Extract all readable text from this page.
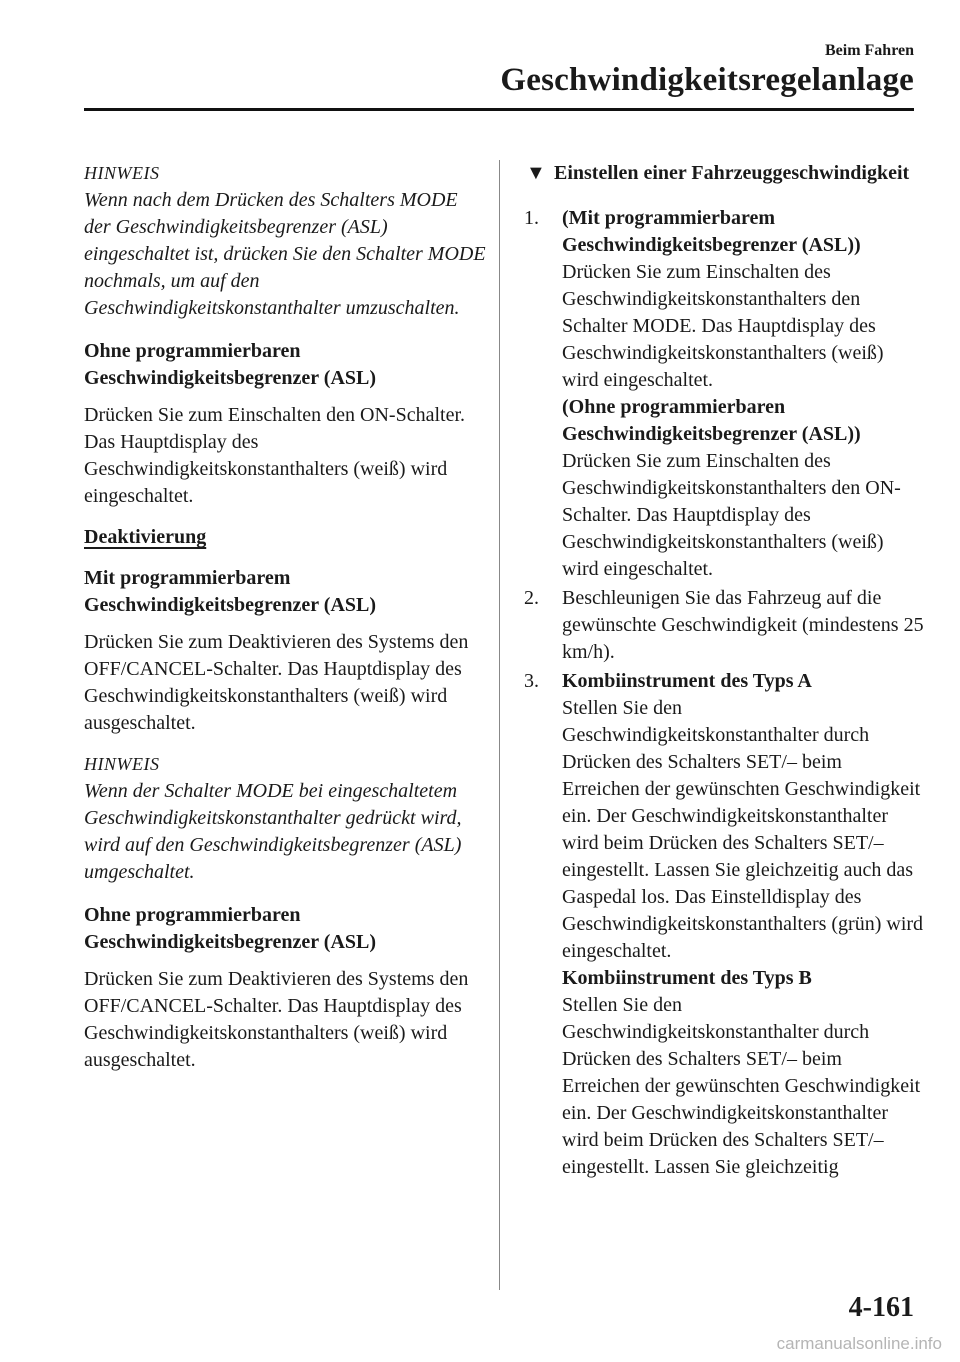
Beim Fahren
Geschwindigkeitsregelanlage
HINWEIS
Wenn nach dem Drücken des Schalters MODE der Geschwindigkeitsbegrenzer (ASL) eingeschaltet ist, drücken Sie den Schalter MODE nochmals, um auf den Geschwindigkeitskonstanthalter umzuschalten.
Ohne programmierbaren Geschwindigkeitsbegrenzer (ASL)
Drücken Sie zum Einschalten den ON-Schalter. Das Hauptdisplay des Geschwindigkeitskonstanthalters (weiß) wird eingeschaltet.
Deaktivierung
Mit programmierbarem Geschwindigkeitsbegrenzer (ASL)
Drücken Sie zum Deaktivieren des Systems den OFF/CANCEL-Schalter. Das Hauptdisplay des Geschwindigkeitskonstanthalters (weiß) wird ausgeschaltet.
HINWEIS
Wenn der Schalter MODE bei eingeschaltetem Geschwindigkeitskonstanthalter gedrückt wird, wird auf den Geschwindigkeitsbegrenzer (ASL) umgeschaltet.
Ohne programmierbaren Geschwindigkeitsbegrenzer (ASL)
Drücken Sie zum Deaktivieren des Systems den OFF/CANCEL-Schalter. Das Hauptdisplay des Geschwindigkeitskonstanthalters (weiß) wird ausgeschaltet.
▼ Einstellen einer Fahrzeuggeschwindigkeit
1. (Mit programmierbarem Geschwindigkeitsbegrenzer (ASL))
Drücken Sie zum Einschalten des Geschwindigkeitskonstanthalters den Schalter MODE. Das Hauptdisplay des Geschwindigkeitskonstanthalters (weiß) wird eingeschaltet.
(Ohne programmierbaren Geschwindigkeitsbegrenzer (ASL))
Drücken Sie zum Einschalten des Geschwindigkeitskonstanthalters den ON-Schalter. Das Hauptdisplay des Geschwindigkeitskonstanthalters (weiß) wird eingeschaltet.
2. Beschleunigen Sie das Fahrzeug auf die gewünschte Geschwindigkeit (mindestens 25 km/h).
3. Kombiinstrument des Typs A
Stellen Sie den Geschwindigkeitskonstanthalter durch Drücken des Schalters SET/– beim Erreichen der gewünschten Geschwindigkeit ein. Der Geschwindigkeitskonstanthalter wird beim Drücken des Schalters SET/– eingestellt. Lassen Sie gleichzeitig auch das Gaspedal los. Das Einstelldisplay des Geschwindigkeitskonstanthalters (grün) wird eingeschaltet.
Kombiinstrument des Typs B
Stellen Sie den Geschwindigkeitskonstanthalter durch Drücken des Schalters SET/– beim Erreichen der gewünschten Geschwindigkeit ein. Der Geschwindigkeitskonstanthalter wird beim Drücken des Schalters SET/– eingestellt. Lassen Sie gleichzeitig
4-161
carmanualsonline.info
